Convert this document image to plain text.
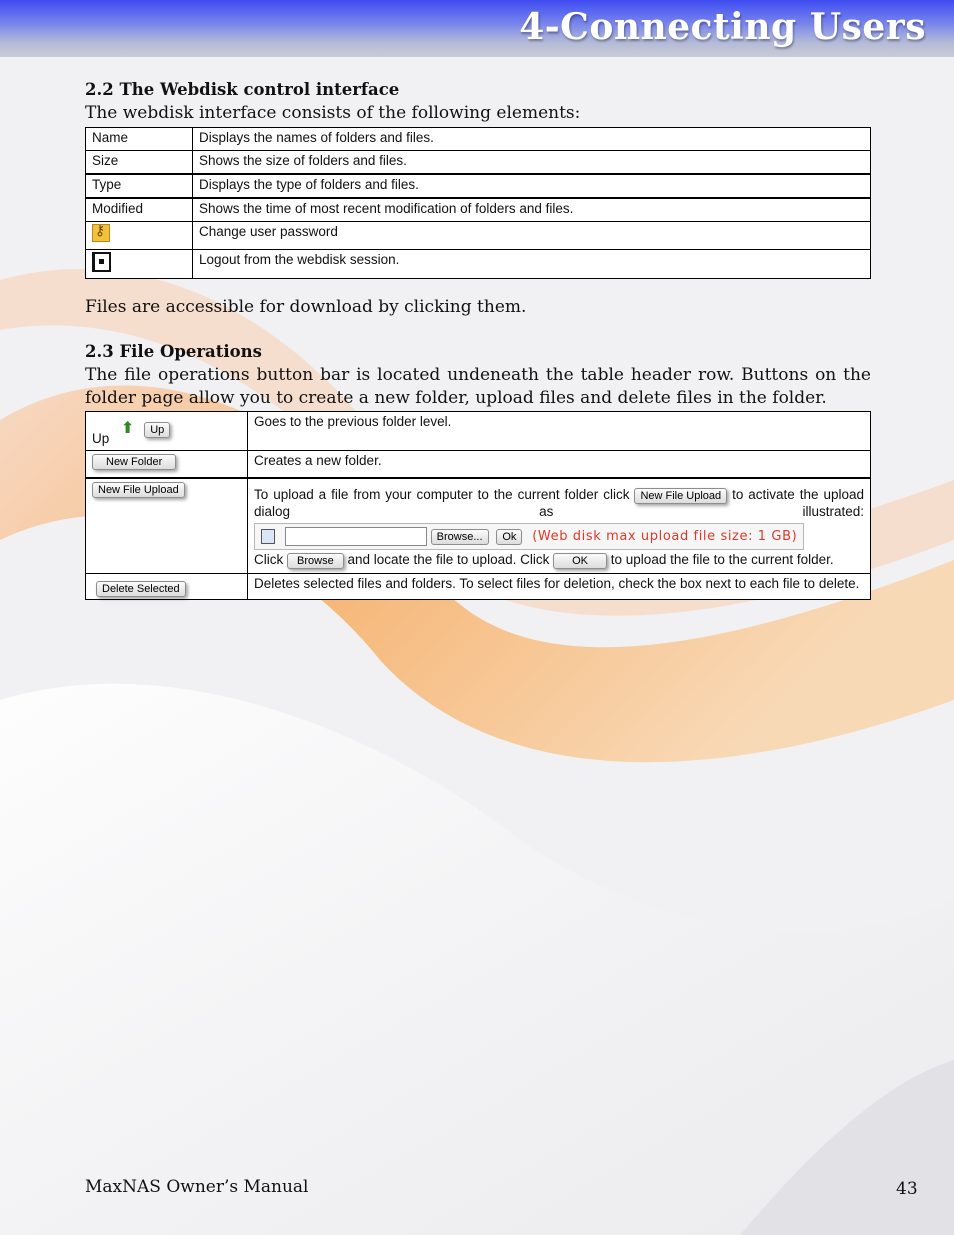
4-Connecting Users
2.2 The Webdisk control interface
The webdisk interface consists of the following elements:
Name	Displays the names of folders and files.
Size	Shows the size of folders and files.
Type	Displays the type of folders and files.
Modified	Shows the time of most recent modification of folders and files.
⚷	Change user password
	Logout from the webdisk session.
Files are accessible for download by clicking them.
2.3 File Operations
The file operations button bar is located undeneath the table header row. Buttons on the folder page allow you to create a new folder, upload files and delete files in the folder.
Up ⬆ Up	Goes to the previous folder level.
New Folder	Creates a new folder.
New File Upload	To upload a file from your computer to the current folder click New File Upload to activate the upload dialog as illustrated:   Browse... Ok (Web disk max upload file size: 1 GB)
Click Browse and locate the file to upload. Click OK to upload the file to the current folder.

Delete Selected	Deletes selected files and folders. To select files for deletion, check the box next to each file to delete.
MaxNAS Owner’s Manual	43
